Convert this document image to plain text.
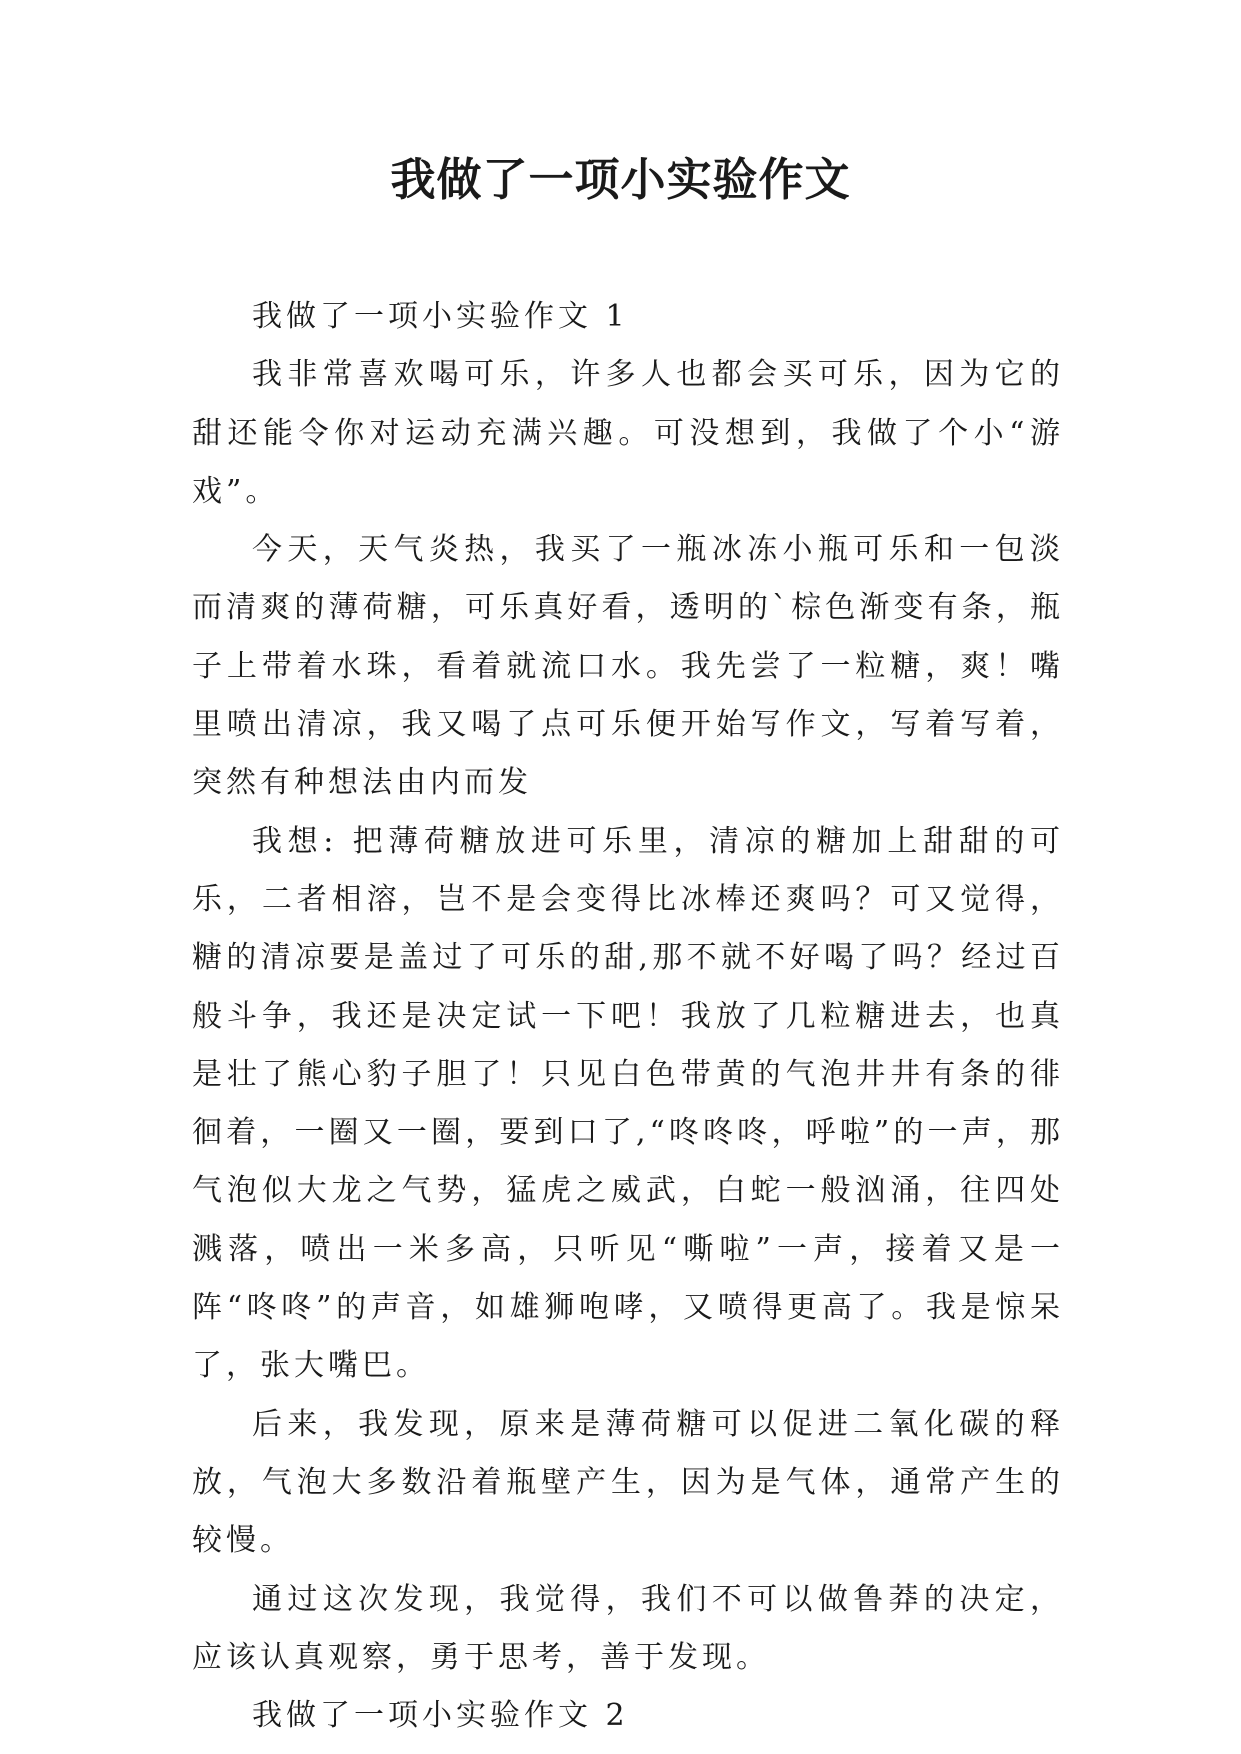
我做了一项小实验作文

我做了一项小实验作文 1

我非常喜欢喝可乐，许多人也都会买可乐，因为它的甜还能令你对运动充满兴趣。可没想到，我做了个小“游戏”。

今天，天气炎热，我买了一瓶冰冻小瓶可乐和一包淡而清爽的薄荷糖，可乐真好看，透明的`棕色渐变有条，瓶子上带着水珠，看着就流口水。我先尝了一粒糖，爽！嘴里喷出清凉，我又喝了点可乐便开始写作文，写着写着，突然有种想法由内而发

我想: 把薄荷糖放进可乐里，清凉的糖加上甜甜的可乐，二者相溶，岂不是会变得比冰棒还爽吗？可又觉得，糖的清凉要是盖过了可乐的甜,那不就不好喝了吗？经过百般斗争，我还是决定试一下吧！我放了几粒糖进去，也真是壮了熊心豹子胆了！只见白色带黄的气泡井井有条的徘徊着，一圈又一圈，要到口了,“咚咚咚，呼啦”的一声，那气泡似大龙之气势，猛虎之威武，白蛇一般汹涌，往四处溅落，喷出一米多高，只听见“嘶啦”一声，接着又是一阵“咚咚”的声音，如雄狮咆哮，又喷得更高了。我是惊呆了，张大嘴巴。

后来，我发现，原来是薄荷糖可以促进二氧化碳的释放，气泡大多数沿着瓶壁产生，因为是气体，通常产生的较慢。

通过这次发现，我觉得，我们不可以做鲁莽的决定，应该认真观察，勇于思考，善于发现。

我做了一项小实验作文 2
